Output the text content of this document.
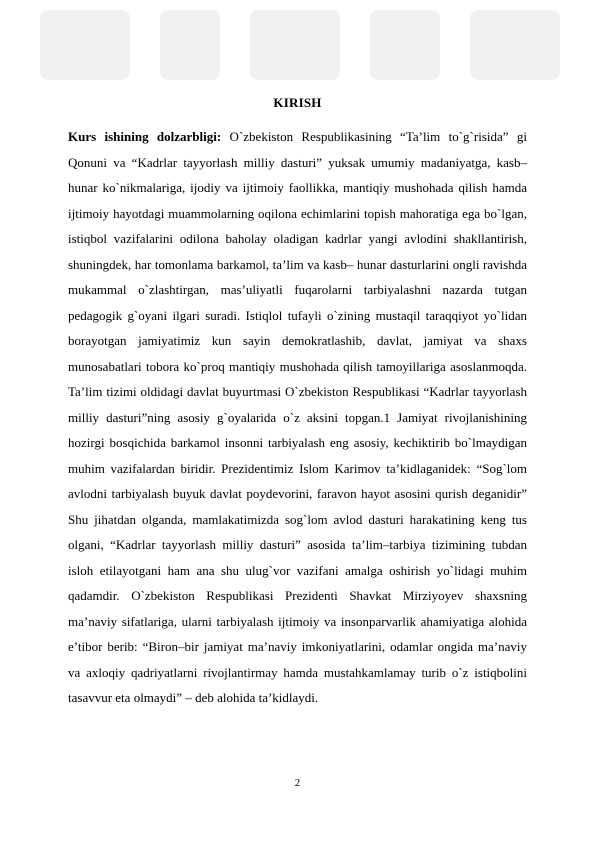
KIRISH

Kurs ishining dolzarbligi: O`zbekiston Respublikasining “Ta’lim to`g`risida” gi Qonuni va “Kadrlar tayyorlash milliy dasturi” yuksak umumiy madaniyatga, kasb–hunar ko`nikmalariga, ijodiy va ijtimoiy faollikka, mantiqiy mushohada qilish hamda ijtimoiy hayotdagi muammolarning oqilona echimlarini topish mahoratiga ega bo`lgan, istiqbol vazifalarini odilona baholay oladigan kadrlar yangi avlodini shakllantirish, shuningdek, har tomonlama barkamol, ta’lim va kasb– hunar dasturlarini ongli ravishda mukammal o`zlashtirgan, mas’uliyatli fuqarolarni tarbiyalashni nazarda tutgan pedagogik g`oyani ilgari suradi. Istiqlol tufayli o`zining mustaqil taraqqiyot yo`lidan borayotgan jamiyatimiz kun sayin demokratlashib, davlat, jamiyat va shaxs munosabatlari tobora ko`proq mantiqiy mushohada qilish tamoyillariga asoslanmoqda. Ta’lim tizimi oldidagi davlat buyurtmasi O`zbekiston Respublikasi “Kadrlar tayyorlash milliy dasturi”ning asosiy g`oyalarida o`z aksini topgan.1 Jamiyat rivojlanishining hozirgi bosqichida barkamol insonni tarbiyalash eng asosiy, kechiktirib bo`lmaydigan muhim vazifalardan biridir. Prezidentimiz Islom Karimov ta’kidlaganidek: “Sog`lom avlodni tarbiyalash buyuk davlat poydevorini, faravon hayot asosini qurish deganidir” Shu jihatdan olganda, mamlakatimizda sog`lom avlod dasturi harakatining keng tus olgani, “Kadrlar tayyorlash milliy dasturi” asosida ta’lim–tarbiya tizimining tubdan isloh etilayotgani ham ana shu ulug`vor vazifani amalga oshirish yo`lidagi muhim qadamdir. O`zbekiston Respublikasi Prezidenti Shavkat Mirziyoyev shaxsning ma’naviy sifatlariga, ularni tarbiyalash ijtimoiy va insonparvarlik ahamiyatiga alohida e’tibor berib: “Biron–bir jamiyat ma’naviy imkoniyatlarini, odamlar ongida ma’naviy va axloqiy qadriyatlarni rivojlantirmay hamda mustahkamlamay turib o`z istiqbolini tasavvur eta olmaydi” – deb alohida ta’kidlaydi.

2
